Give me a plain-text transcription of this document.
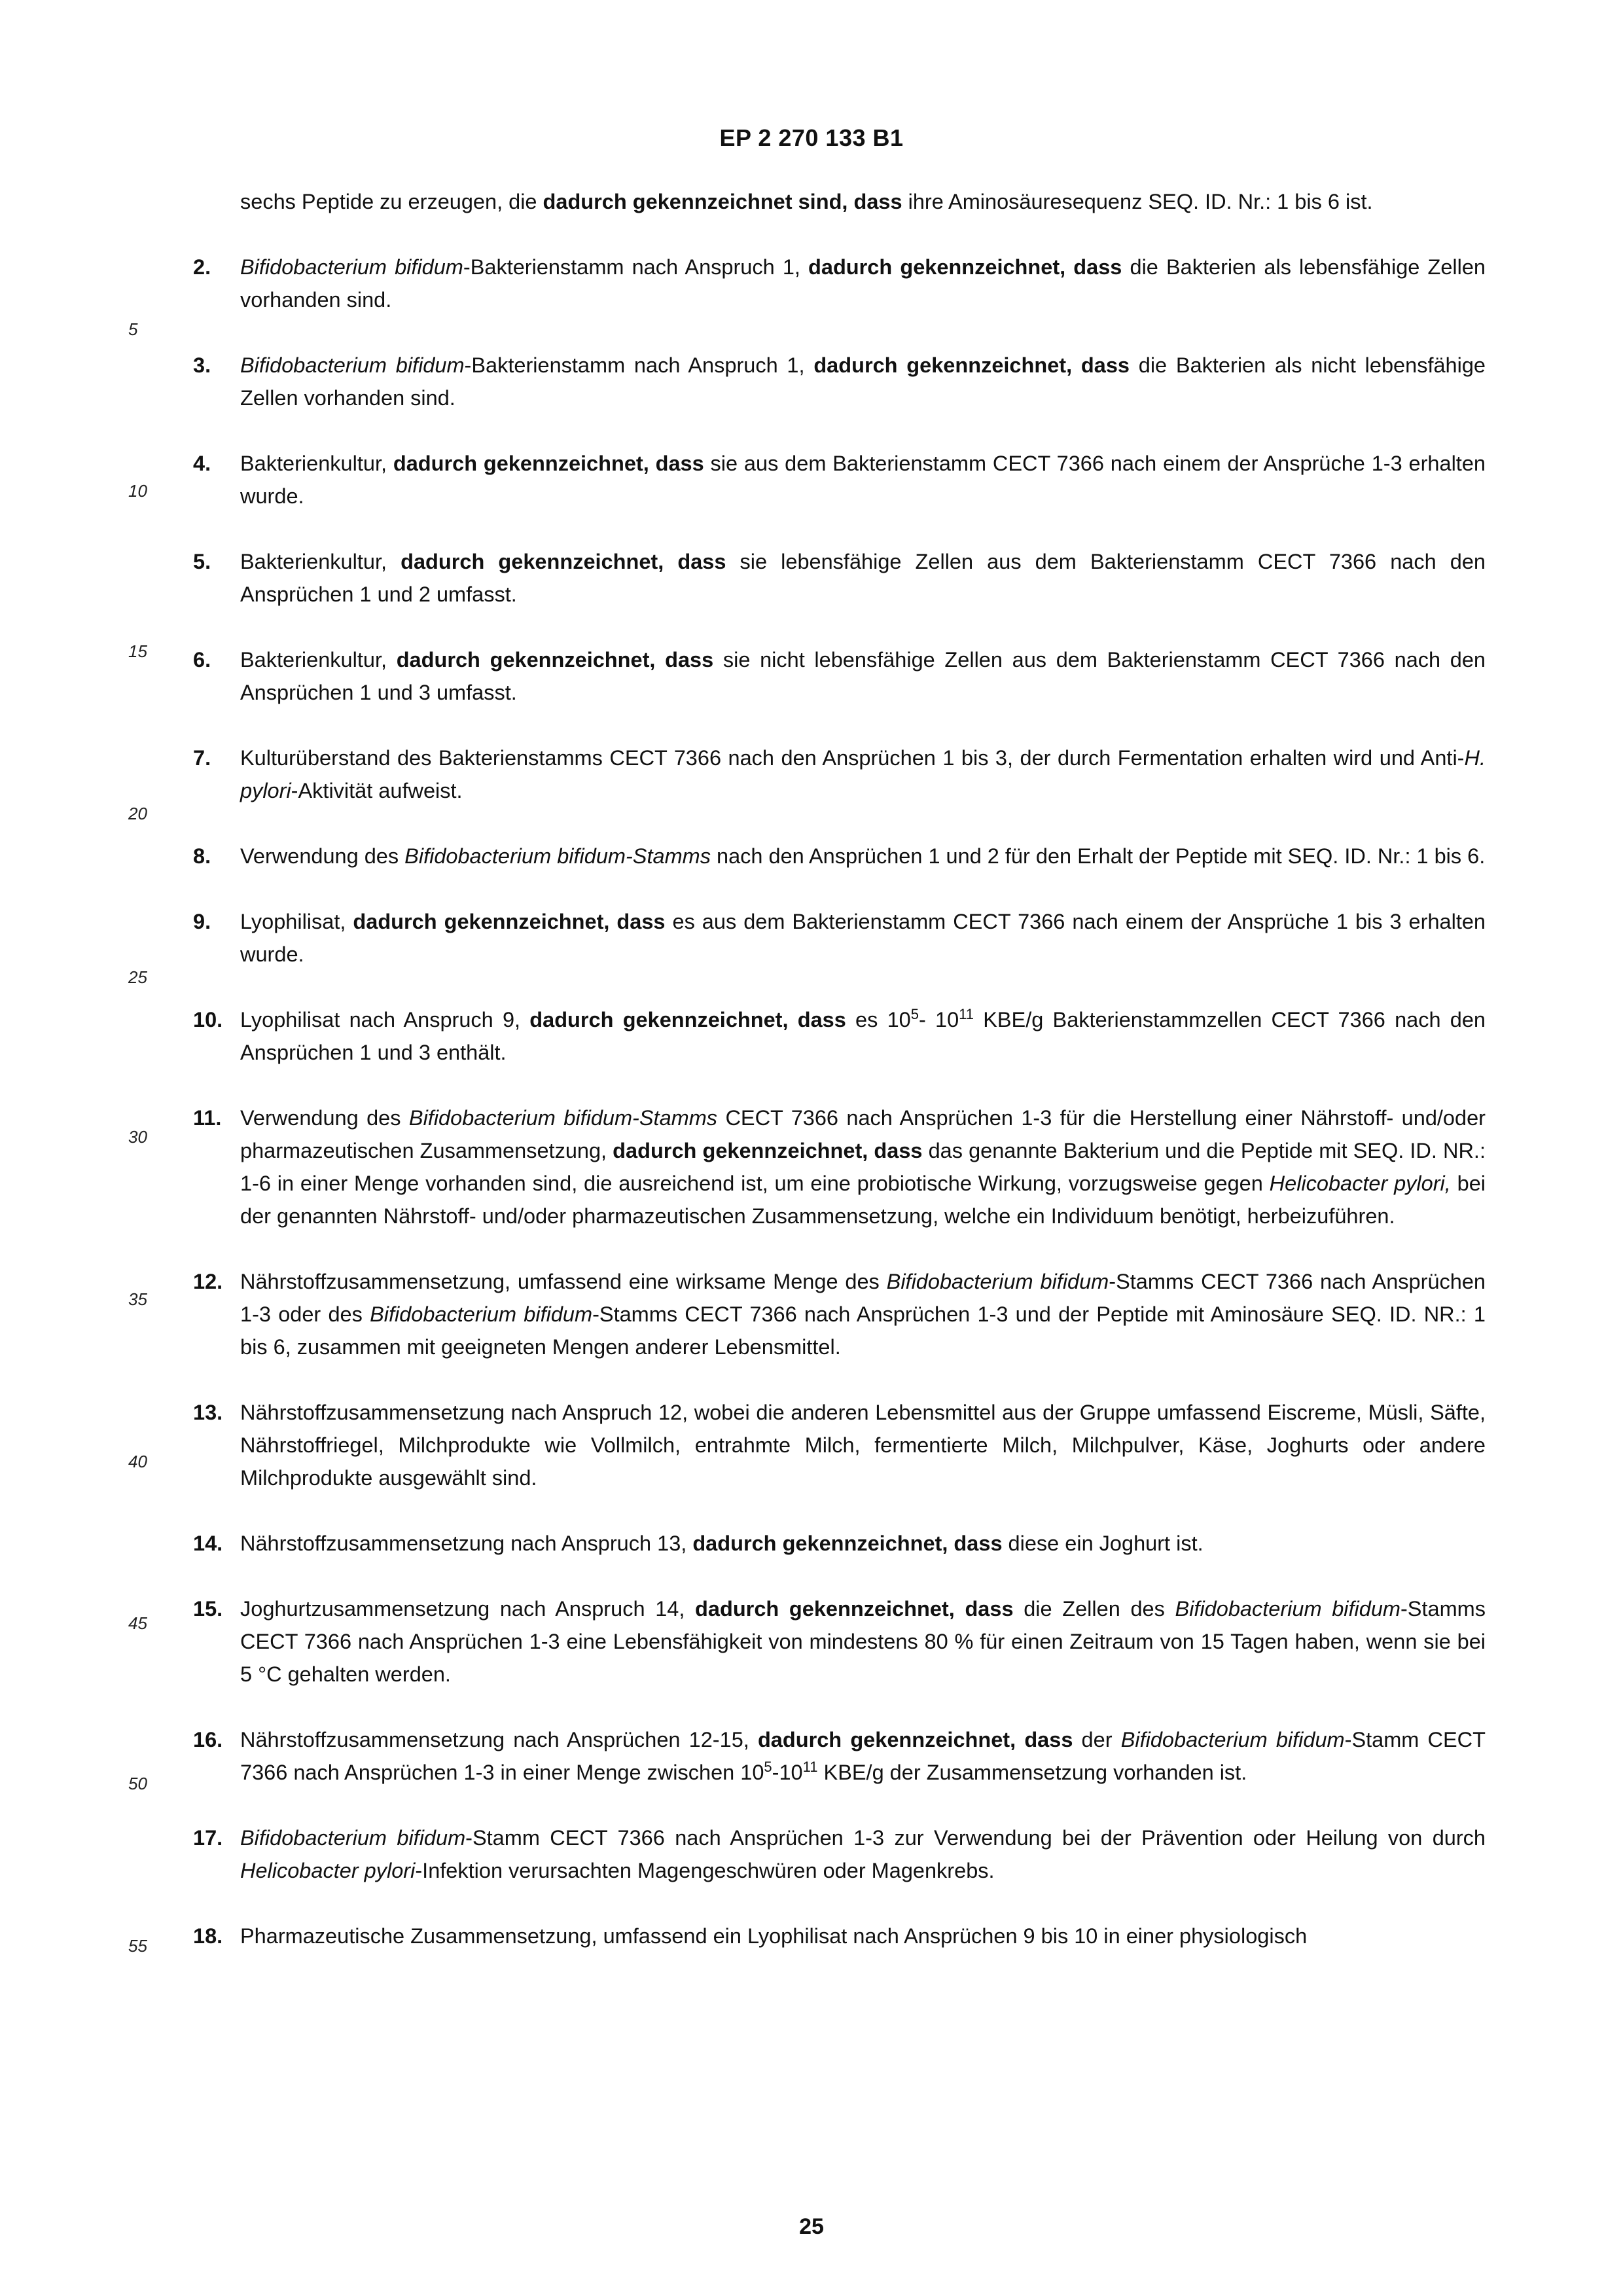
EP 2 270 133 B1
5
10
15
20
25
30
35
40
45
50
55
sechs Peptide zu erzeugen, die dadurch gekennzeichnet sind, dass ihre Aminosäuresequenz SEQ. ID. Nr.: 1 bis 6 ist.
2.	Bifidobacterium bifidum-Bakterienstamm nach Anspruch 1, dadurch gekennzeichnet, dass die Bakterien als lebensfähige Zellen vorhanden sind.

3.	Bifidobacterium bifidum-Bakterienstamm nach Anspruch 1, dadurch gekennzeichnet, dass die Bakterien als nicht lebensfähige Zellen vorhanden sind.

4.	Bakterienkultur, dadurch gekennzeichnet, dass sie aus dem Bakterienstamm CECT 7366 nach einem der Ansprüche 1-3 erhalten wurde.

5.	Bakterienkultur, dadurch gekennzeichnet, dass sie lebensfähige Zellen aus dem Bakterienstamm CECT 7366 nach den Ansprüchen 1 und 2 umfasst.

6.	Bakterienkultur, dadurch gekennzeichnet, dass sie nicht lebensfähige Zellen aus dem Bakterienstamm CECT 7366 nach den Ansprüchen 1 und 3 umfasst.

7.	Kulturüberstand des Bakterienstamms CECT 7366 nach den Ansprüchen 1 bis 3, der durch Fermentation erhalten wird und Anti-H. pylori-Aktivität aufweist.

8.	Verwendung des Bifidobacterium bifidum-Stamms nach den Ansprüchen 1 und 2 für den Erhalt der Peptide mit SEQ. ID. Nr.: 1 bis 6.

9.	Lyophilisat, dadurch gekennzeichnet, dass es aus dem Bakterienstamm CECT 7366 nach einem der Ansprüche 1 bis 3 erhalten wurde.

10. Lyophilisat nach Anspruch 9, dadurch gekennzeichnet, dass es $10^5-$ $10^{11}$ KBE/g Bakterienstammzellen CECT 7366 nach den Ansprüchen 1 und 3 enthält.

11. Verwendung des Bifidobacterium bifidum-Stamms CECT 7366 nach Ansprüchen 1-3 für die Herstellung einer Nährstoff- und/oder pharmazeutischen Zusammensetzung, dadurch gekennzeichnet, dass das genannte Bakterium und die Peptide mit SEQ. ID. NR.: 1-6 in einer Menge vorhanden sind, die ausreichend ist, um eine probiotische Wirkung, vorzugsweise gegen Helicobacter pylori, bei der genannten Nährstoff- und/oder pharmazeutischen Zusammensetzung, welche ein Individuum benötigt, herbeizuführen.

12. Nährstoffzusammensetzung, umfassend eine wirksame Menge des Bifidobacterium bifidum-Stamms CECT 7366 nach Ansprüchen 1-3 oder des Bifidobacterium bifidum-Stamms CECT 7366 nach Ansprüchen 1-3 und der Peptide mit Aminosäure SEQ. ID. NR.: 1 bis 6, zusammen mit geeigneten Mengen anderer Lebensmittel.

13. Nährstoffzusammensetzung nach Anspruch 12, wobei die anderen Lebensmittel aus der Gruppe umfassend Eiscreme, Müsli, Säfte, Nährstoffriegel, Milchprodukte wie Vollmilch, entrahmte Milch, fermentierte Milch, Milchpulver, Käse, Joghurts oder andere Milchprodukte ausgewählt sind.

14. Nährstoffzusammensetzung nach Anspruch 13, dadurch gekennzeichnet, dass diese ein Joghurt ist.

15. Joghurtzusammensetzung nach Anspruch 14, dadurch gekennzeichnet, dass die Zellen des Bifidobacterium bifidum-Stamms CECT 7366 nach Ansprüchen 1-3 eine Lebensfähigkeit von mindestens 80 % für einen Zeitraum von 15 Tagen haben, wenn sie bei 5 °C gehalten werden.

16. Nährstoffzusammensetzung nach Ansprüchen 12-15, dadurch gekennzeichnet, dass der Bifidobacterium bifidum-Stamm CECT 7366 nach Ansprüchen 1-3 in einer Menge zwischen $10^5-10^{11}$ KBE/g der Zusammensetzung vorhanden ist.

17. Bifidobacterium bifidum-Stamm CECT 7366 nach Ansprüchen 1-3 zur Verwendung bei der Prävention oder Heilung von durch Helicobacter pylori-Infektion verursachten Magengeschwüren oder Magenkrebs.

18. Pharmazeutische Zusammensetzung, umfassend ein Lyophilisat nach Ansprüchen 9 bis 10 in einer physiologisch

25
